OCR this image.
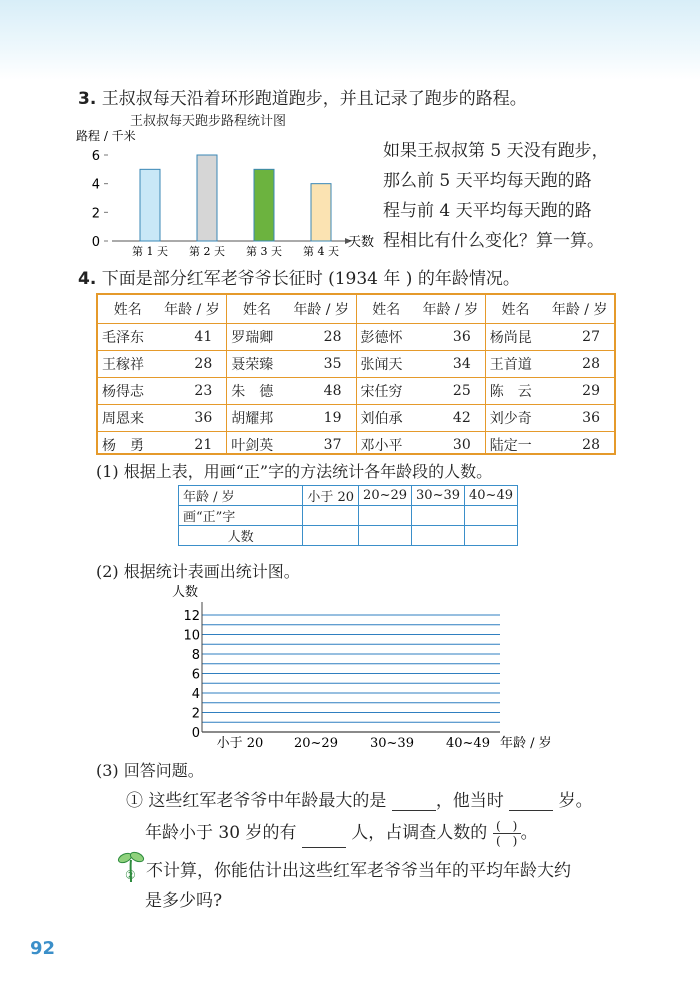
3. 王叔叔每天沿着环形跑道跑步，并且记录了跑步的路程。
王叔叔每天跑步路程统计图
路程 / 千米
0
2
4
6
第 1 天 第 2 天 第 3 天 第 4 天
天数
如果王叔叔第 5 天没有跑步，
那么前 5 天平均每天跑的路
程与前 4 天平均每天跑的路
程相比有什么变化？算一算。
4. 下面是部分红军老爷爷长征时 (1934 年 ) 的年龄情况。
姓名	年龄 / 岁
毛泽东	41
王稼祥	28
杨得志	23
周恩来	36
杨　勇	21
姓名	年龄 / 岁
罗瑞卿	28
聂荣臻	35
朱　德	48
胡耀邦	19
叶剑英	37
姓名	年龄 / 岁
彭德怀	36
张闻天	34
宋任穷	25
刘伯承	42
邓小平	30
姓名	年龄 / 岁
杨尚昆	27
王首道	28
陈　云	29
刘少奇	36
陆定一	28
(1) 根据上表，用画“正”字的方法统计各年龄段的人数。
年龄 / 岁	小于 20	20~29	30~39	40~49
画“正”字				
人数				
(2) 根据统计表画出统计图。
人数
0
2
4
6
8
10
12
小于 20 20~29 30~39 40~49 年龄 / 岁
(3) 回答问题。
① 这些红军老爷爷中年龄最大的是	，他当时	岁。
年龄小于 30 岁的有	人，占调查人数的 (　)
(　) 。
② 不计算，你能估计出这些红军老爷爷当年的平均年龄大约
是多少吗?
92
